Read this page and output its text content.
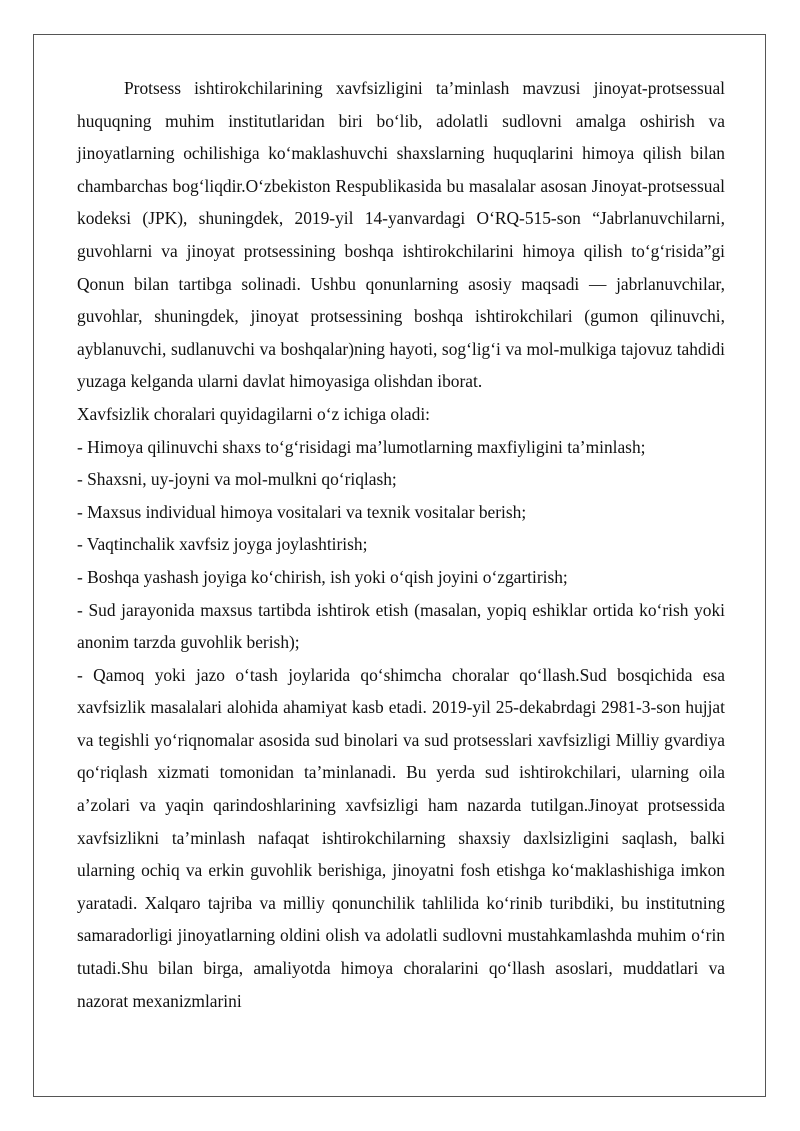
Protsess ishtirokchilarining xavfsizligini ta’minlash mavzusi jinoyat-protsessual huquqning muhim institutlaridan biri bo‘lib, adolatli sudlovni amalga oshirish va jinoyatlarning ochilishiga ko‘maklashuvchi shaxslarning huquqlarini himoya qilish bilan chambarchas bog‘liqdir.O‘zbekiston Respublikasida bu masalalar asosan Jinoyat-protsessual kodeksi (JPK), shuningdek, 2019-yil 14-yanvardagi O‘RQ-515-son “Jabrlanuvchilarni, guvohlarni va jinoyat protsessining boshqa ishtirokchilarini himoya qilish to‘g‘risida”gi Qonun bilan tartibga solinadi. Ushbu qonunlarning asosiy maqsadi — jabrlanuvchilar, guvohlar, shuningdek, jinoyat protsessining boshqa ishtirokchilari (gumon qilinuvchi, ayblanuvchi, sudlanuvchi va boshqalar)ning hayoti, sog‘lig‘i va mol-mulkiga tajovuz tahdidi yuzaga kelganda ularni davlat himoyasiga olishdan iborat.

Xavfsizlik choralari quyidagilarni o‘z ichiga oladi:

- Himoya qilinuvchi shaxs to‘g‘risidagi ma’lumotlarning maxfiyligini ta’minlash;

- Shaxsni, uy-joyni va mol-mulkni qo‘riqlash;

- Maxsus individual himoya vositalari va texnik vositalar berish;

- Vaqtinchalik xavfsiz joyga joylashtirish;

- Boshqa yashash joyiga ko‘chirish, ish yoki o‘qish joyini o‘zgartirish;

- Sud jarayonida maxsus tartibda ishtirok etish (masalan, yopiq eshiklar ortida ko‘rish yoki anonim tarzda guvohlik berish);

- Qamoq yoki jazo o‘tash joylarida qo‘shimcha choralar qo‘llash.Sud bosqichida esa xavfsizlik masalalari alohida ahamiyat kasb etadi. 2019-yil 25-dekabrdagi 2981-3-son hujjat va tegishli yo‘riqnomalar asosida sud binolari va sud protsesslari xavfsizligi Milliy gvardiya qo‘riqlash xizmati tomonidan ta’minlanadi. Bu yerda sud ishtirokchilari, ularning oila a’zolari va yaqin qarindoshlarining xavfsizligi ham nazarda tutilgan.Jinoyat protsessida xavfsizlikni ta’minlash nafaqat ishtirokchilarning shaxsiy daxlsizligini saqlash, balki ularning ochiq va erkin guvohlik berishiga, jinoyatni fosh etishga ko‘maklashishiga imkon yaratadi. Xalqaro tajriba va milliy qonunchilik tahlilida ko‘rinib turibdiki, bu institutning samaradorligi jinoyatlarning oldini olish va adolatli sudlovni mustahkamlashda muhim o‘rin tutadi.Shu bilan birga, amaliyotda himoya choralarini qo‘llash asoslari, muddatlari va nazorat mexanizmlarini
